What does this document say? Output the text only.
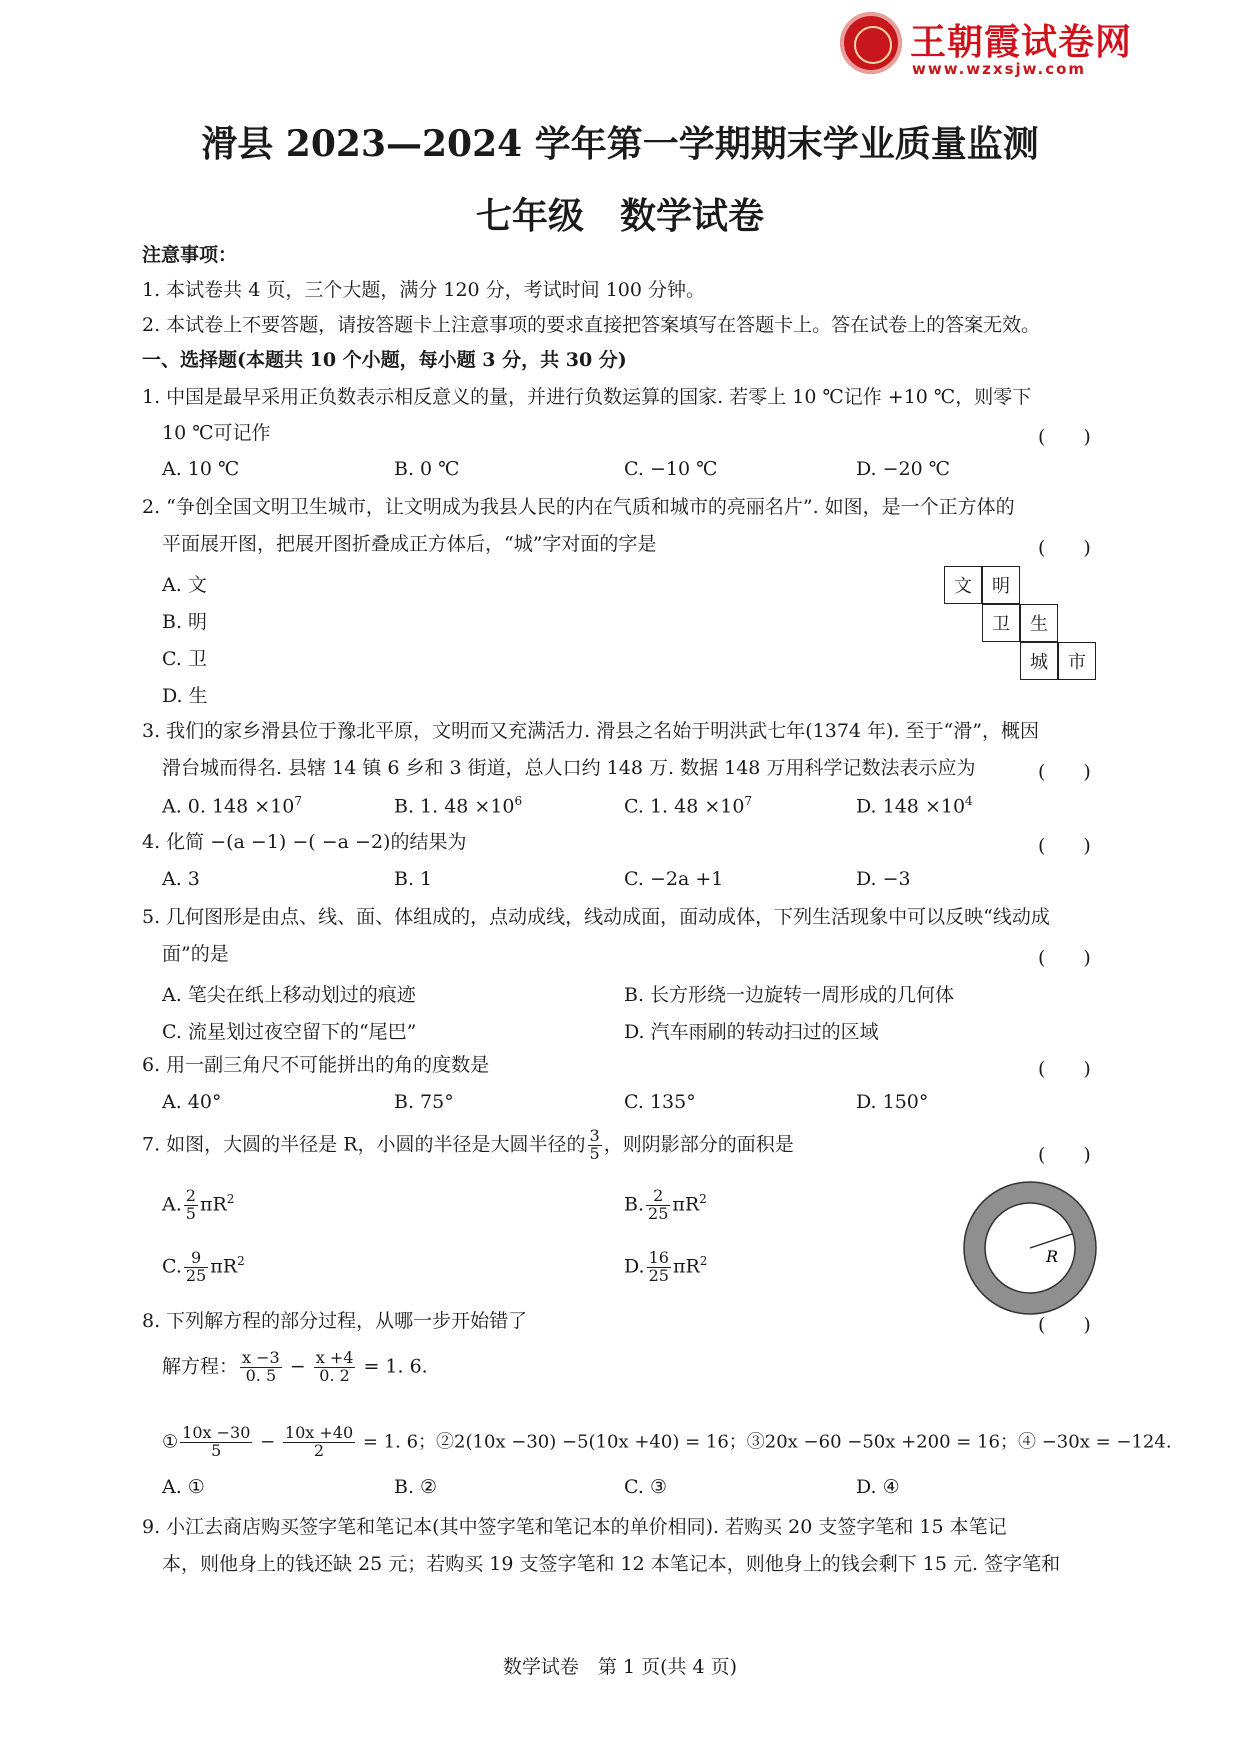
王朝霞试卷网
www.wzxsjw.com
滑县 2023—2024 学年第一学期期末学业质量监测
七年级　数学试卷
注意事项：
1. 本试卷共 4 页，三个大题，满分 120 分，考试时间 100 分钟。
2. 本试卷上不要答题，请按答题卡上注意事项的要求直接把答案填写在答题卡上。答在试卷上的答案无效。
一、选择题(本题共 10 个小题，每小题 3 分，共 30 分)
1. 中国是最早采用正负数表示相反意义的量，并进行负数运算的国家. 若零上 10 ℃记作 +10 ℃，则零下
10 ℃可记作	(　　)
A. 10 ℃	B. 0 ℃	C. −10 ℃	D. −20 ℃
2. “争创全国文明卫生城市，让文明成为我县人民的内在气质和城市的亮丽名片”. 如图，是一个正方体的
平面展开图，把展开图折叠成正方体后，“城”字对面的字是	(　　)
A. 文
B. 明
C. 卫
D. 生
文	明
卫	生
城	市
3. 我们的家乡滑县位于豫北平原，文明而又充满活力. 滑县之名始于明洪武七年(1374 年). 至于“滑”，概因
滑台城而得名. 县辖 14 镇 6 乡和 3 街道，总人口约 148 万. 数据 148 万用科学记数法表示应为	(　　)
A. 0. $148 \times 10^7$	B. 1. $48 \times 10^6$	C. 1. $48 \times 10^7$	D. $148 \times 10^4$
4. 化简 −(a −1) −( −a −2)的结果为	(　　)
A. 3	B. 1	C. −2a +1	D. −3
5. 几何图形是由点、线、面、体组成的，点动成线，线动成面，面动成体，下列生活现象中可以反映“线动成
面”的是	(　　)
A. 笔尖在纸上移动划过的痕迹	B. 长方形绕一边旋转一周形成的几何体
C. 流星划过夜空留下的“尾巴”	D. 汽车雨刷的转动扫过的区域
6. 用一副三角尺不可能拼出的角的度数是	(　　)
A. 40°	B. 75°	C. 135°	D. 150°
7. 如图，大圆的半径是 R，小圆的半径是大圆半径的 $\frac{3}{5}$ ，则阴影部分的面积是	(　　)
A. $\frac{2}{5} \pi R^2$	B. $\frac{2}{25} \pi R^2$
C. $\frac{9}{25} \pi R^2$	D. $\frac{16}{25} \pi R^2$	R
8. 下列解方程的部分过程，从哪一步开始错了	(　　)
解方程： $\frac{x -3}{0. 5} - \frac{x +4}{0. 2} = 1$. 6.
① $\frac{10x -30}{5} - \frac{10x +40}{2} = 1$. 6；②2(10x −30) −5(10x +40) = 16；③20x −60 −50x +200 = 16；④ −30x = −124.
A. ①	B. ②	C. ③	D. ④
9. 小江去商店购买签字笔和笔记本(其中签字笔和笔记本的单价相同). 若购买 20 支签字笔和 15 本笔记
本，则他身上的钱还缺 25 元；若购买 19 支签字笔和 12 本笔记本，则他身上的钱会剩下 15 元. 签字笔和
数学试卷　第 1 页(共 4 页)
